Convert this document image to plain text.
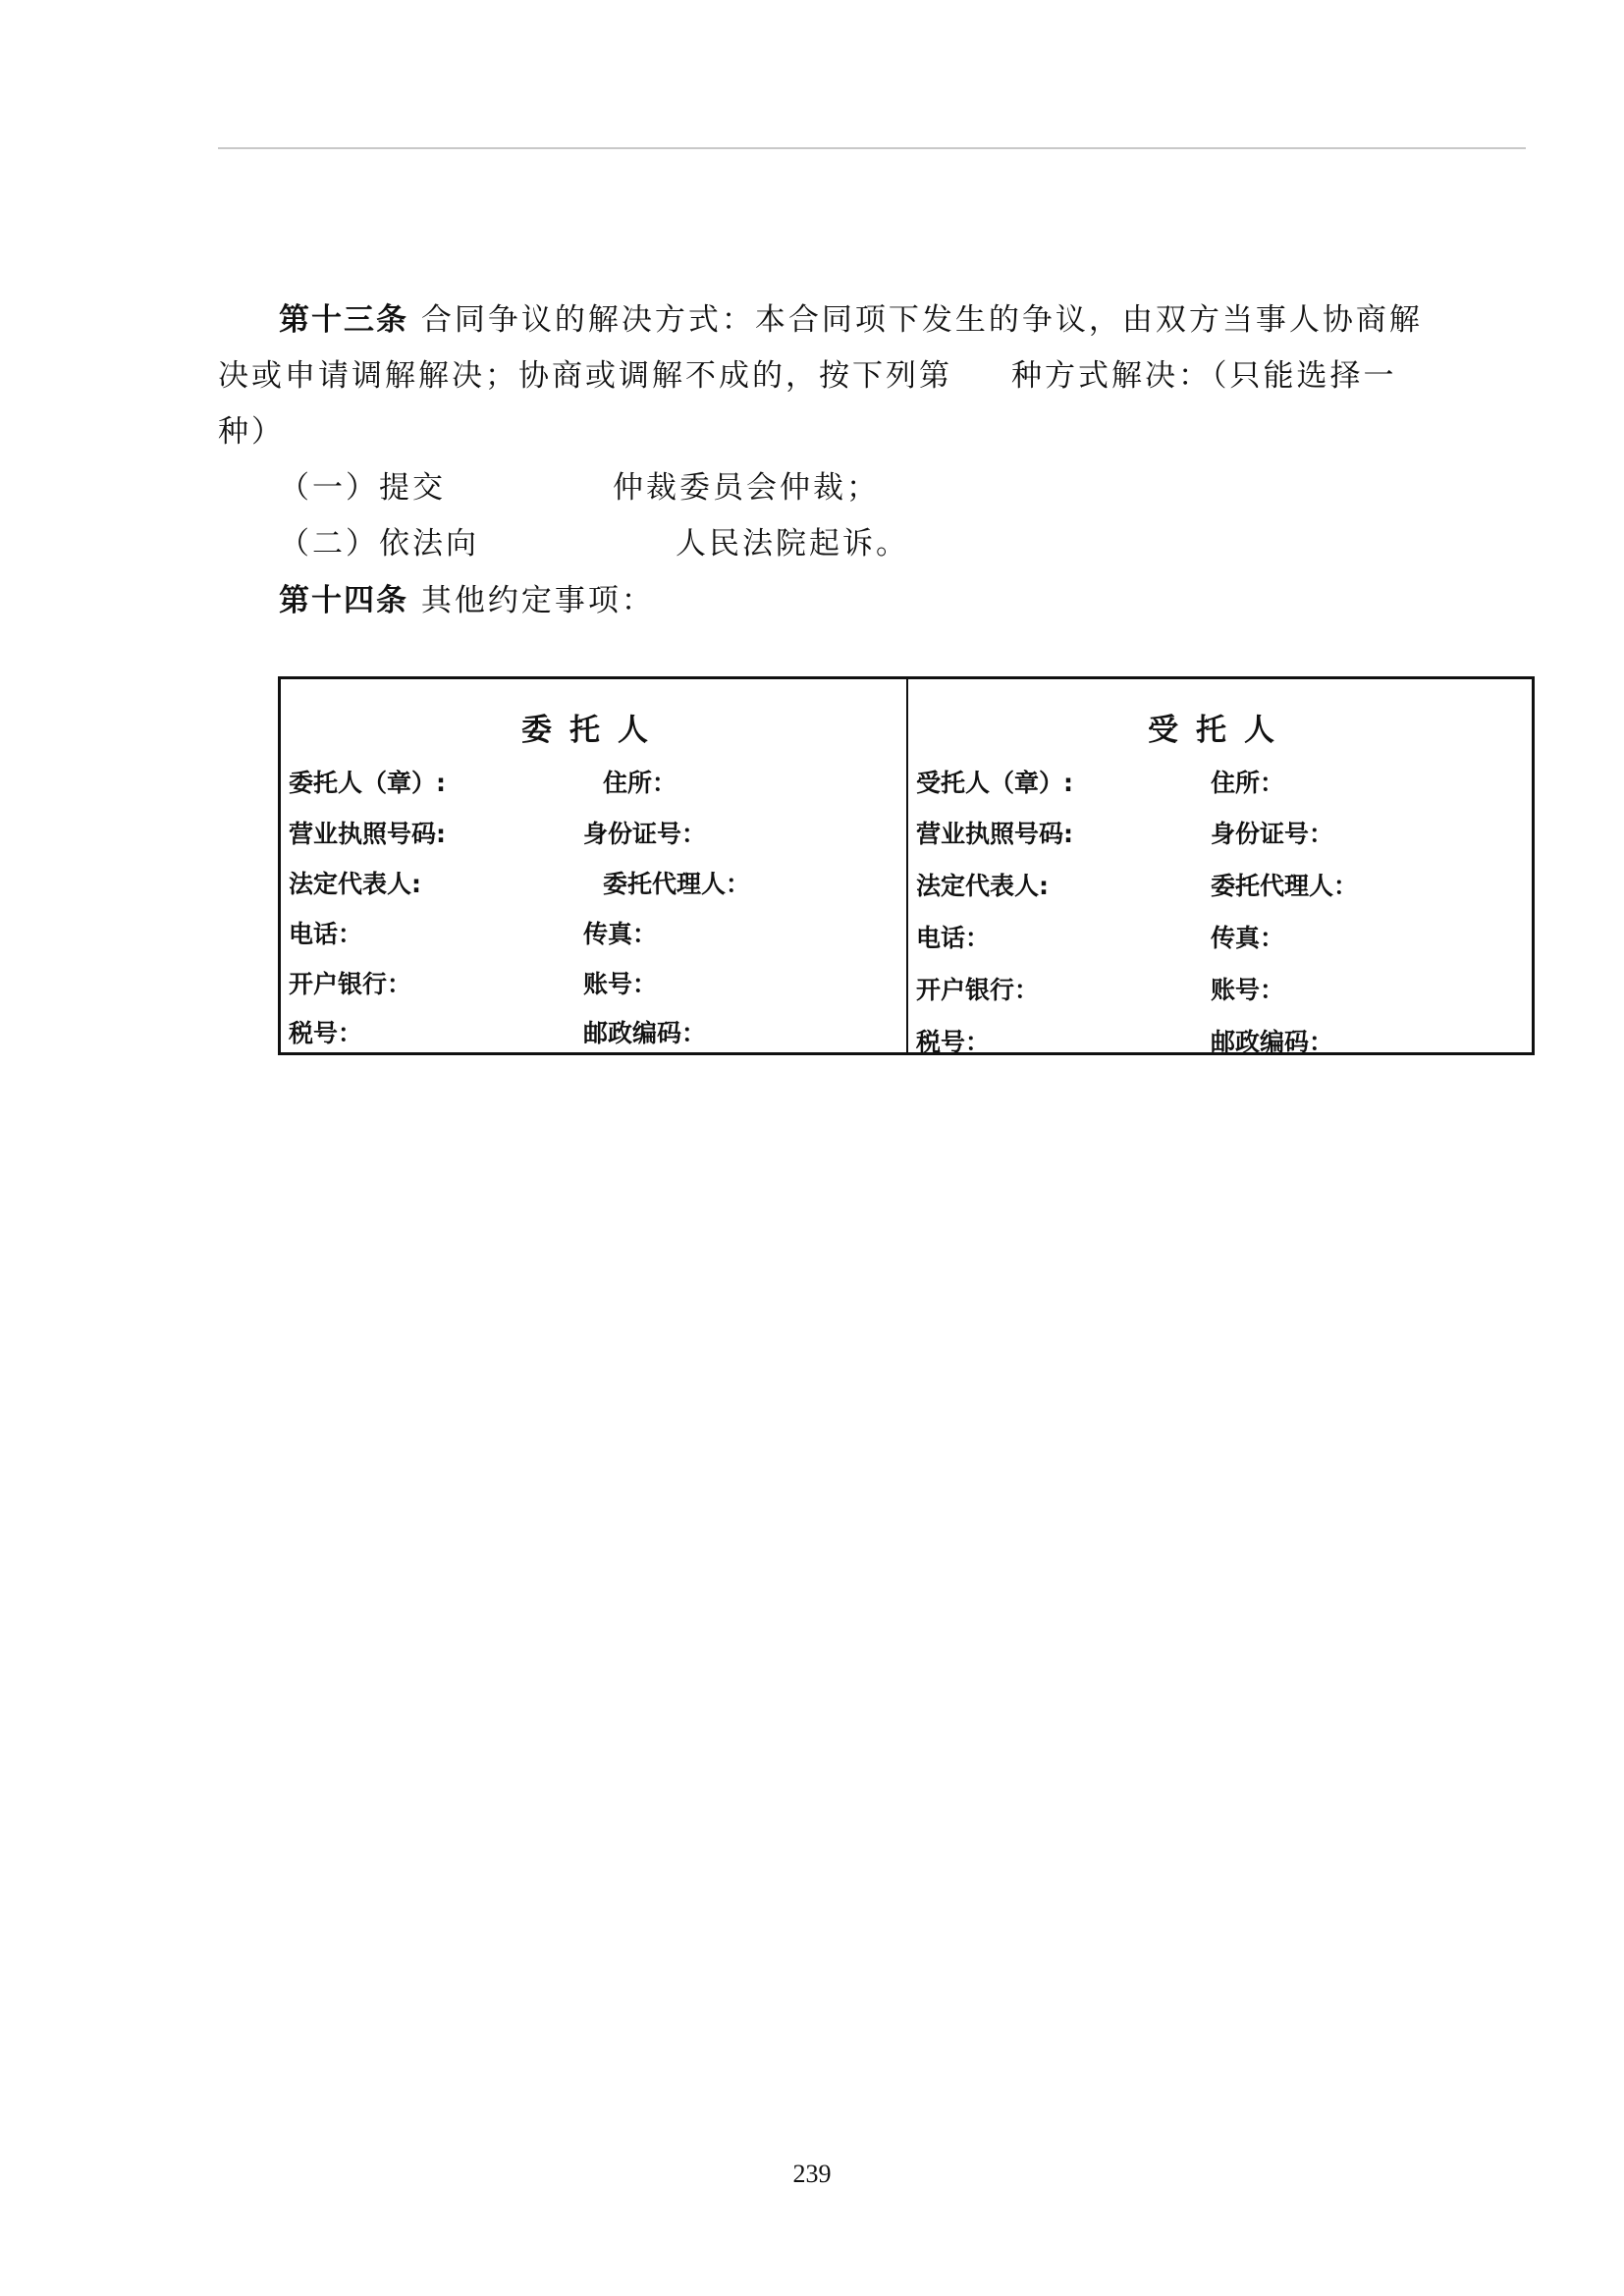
第十三条 合同争议的解决方式：本合同项下发生的争议，由双方当事人协商解
决或申请调解解决；协商或调解不成的，按下列第 种方式解决：（只能选择一
种）
（一）提交	仲裁委员会仲裁；
（二）依法向	人民法院起诉。
第十四条 其他约定事项：
委托人
委托人（章）:	住所：
营业执照号码:	身份证号：
法定代表人:	委托代理人：
电话：	传真：
开户银行：	账号：
税号：	邮政编码：
受托人
受托人（章）:	住所：
营业执照号码:	身份证号：
法定代表人:	委托代理人：
电话：	传真：
开户银行：	账号：
税号：	邮政编码：
239
